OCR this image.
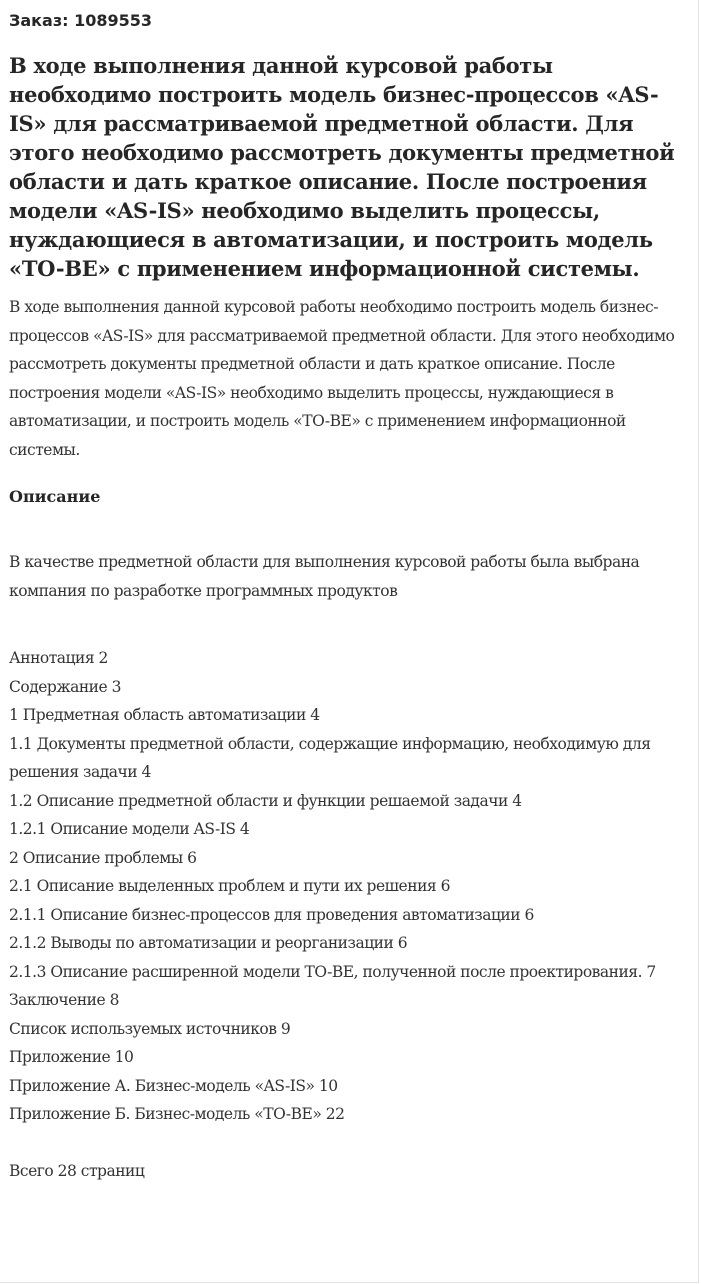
Заказ: 1089553
В ходе выполнения данной курсовой работы необходимо построить модель бизнес-процессов «AS-IS» для рассматриваемой предметной области. Для этого необходимо рассмотреть документы предметной области и дать краткое описание. После построения модели «AS-IS» необходимо выделить процессы, нуждающиеся в автоматизации, и построить модель «TO-BE» с применением информационной системы.

В ходе выполнения данной курсовой работы необходимо построить модель бизнес-процессов «AS-IS» для рассматриваемой предметной области. Для этого необходимо рассмотреть документы предметной области и дать краткое описание. После построения модели «AS-IS» необходимо выделить процессы, нуждающиеся в автоматизации, и построить модель «TO-BE» с применением информационной системы.

Описание

В качестве предметной области для выполнения курсовой работы была выбрана компания по разработке программных продуктов

Аннотация 2
Содержание 3
1 Предметная область автоматизации 4
1.1 Документы предметной области, содержащие информацию, необходимую для решения задачи 4
1.2 Описание предметной области и функции решаемой задачи 4
1.2.1 Описание модели AS-IS 4
2 Описание проблемы 6
2.1 Описание выделенных проблем и пути их решения 6
2.1.1 Описание бизнес-процессов для проведения автоматизации 6
2.1.2 Выводы по автоматизации и реорганизации 6
2.1.3 Описание расширенной модели TO-BE, полученной после проектирования. 7
Заключение 8
Список используемых источников 9
Приложение 10
Приложение А. Бизнес-модель «AS-IS» 10
Приложение Б. Бизнес-модель «TO-BE» 22
Всего 28 страниц
